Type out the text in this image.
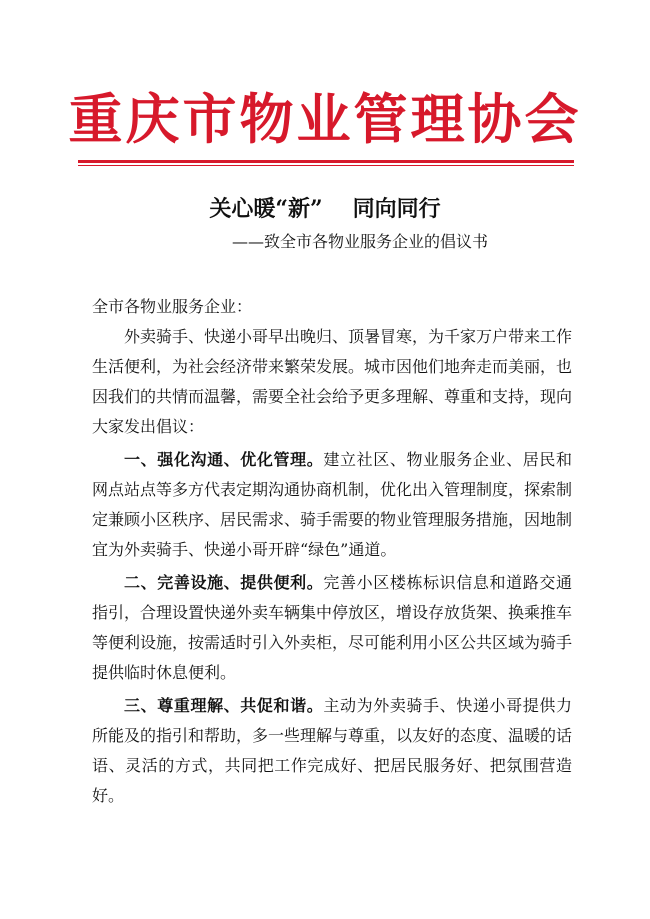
重庆市物业管理协会
关心暖“新” 同向同行
——致全市各物业服务企业的倡议书

全市各物业服务企业：

外卖骑手、快递小哥早出晚归、顶暑冒寒，为千家万户带来工作生活便利，为社会经济带来繁荣发展。城市因他们地奔走而美丽，也因我们的共情而温馨，需要全社会给予更多理解、尊重和支持，现向大家发出倡议：

一、强化沟通、优化管理。建立社区、物业服务企业、居民和网点站点等多方代表定期沟通协商机制，优化出入管理制度，探索制定兼顾小区秩序、居民需求、骑手需要的物业管理服务措施，因地制宜为外卖骑手、快递小哥开辟“绿色”通道。

二、完善设施、提供便利。完善小区楼栋标识信息和道路交通指引，合理设置快递外卖车辆集中停放区，增设存放货架、换乘推车等便利设施，按需适时引入外卖柜，尽可能利用小区公共区域为骑手提供临时休息便利。

三、尊重理解、共促和谐。主动为外卖骑手、快递小哥提供力所能及的指引和帮助，多一些理解与尊重，以友好的态度、温暖的话语、灵活的方式，共同把工作完成好、把居民服务好、把氛围营造好。
